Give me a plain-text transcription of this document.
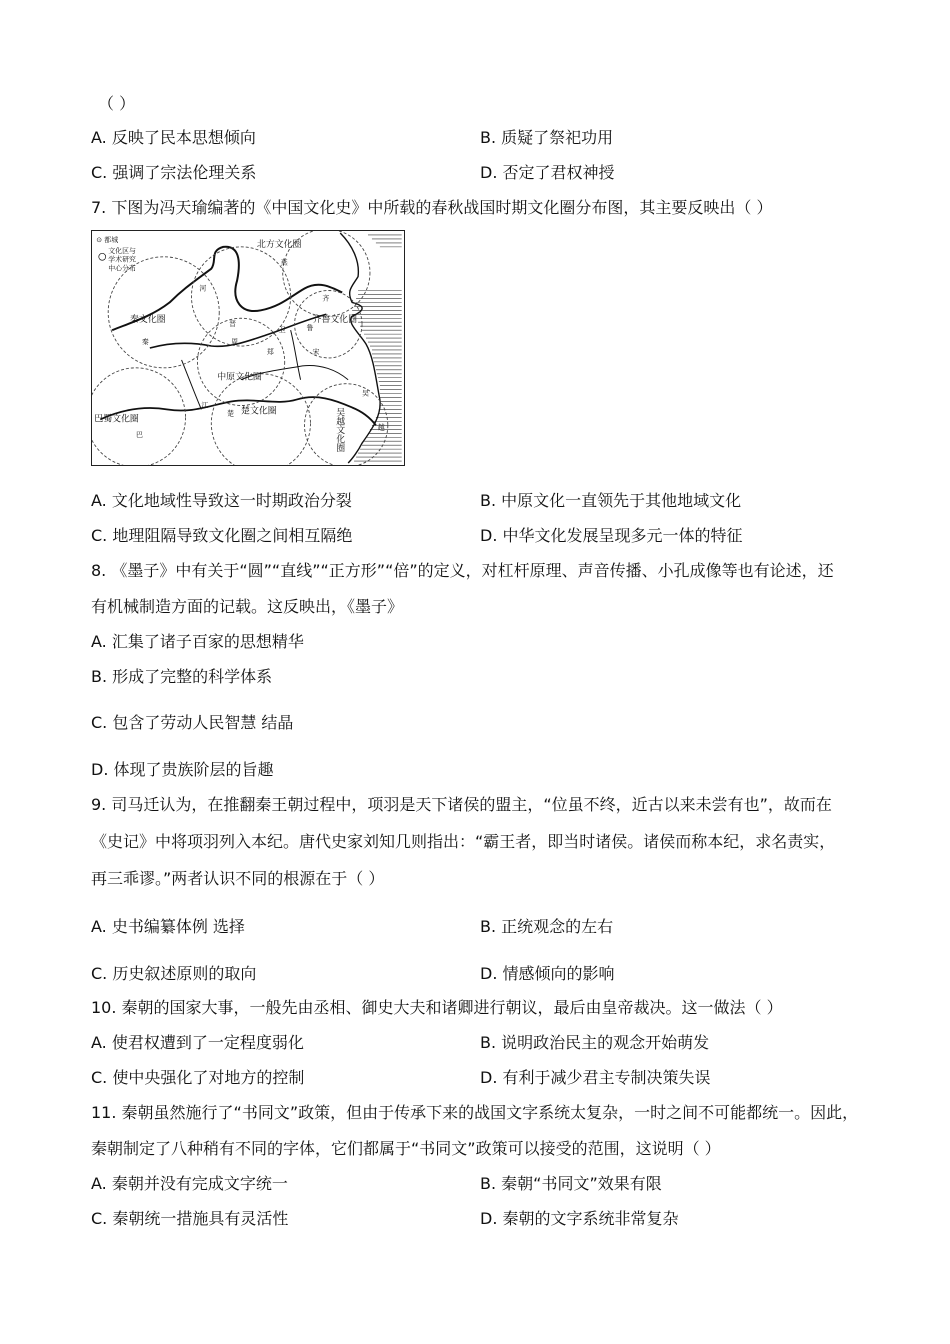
（ ）
A. 反映了民本思想倾向	B. 质疑了祭祀功用
C. 强调了宗法伦理关系	D. 否定了君权神授
7. 下图为冯天瑜编著的《中国文化史》中所载的春秋战国时期文化圈分布图，其主要反映出（ ）
⊙ 都城
文化区与
学术研究
中心分布
北方文化圈
秦文化圈	齐鲁文化圈
中原文化圈
楚文化圈
巴蜀文化圈	吴越文化圈
燕
秦
晋
周
卫	鲁
齐
郑	宋
楚
巴
吴
越
河
江
A. 文化地域性导致这一时期政治分裂	B. 中原文化一直领先于其他地域文化
C. 地理阻隔导致文化圈之间相互隔绝	D. 中华文化发展呈现多元一体的特征
8. 《墨子》中有关于“圆”“直线”“正方形”“倍”的定义，对杠杆原理、声音传播、小孔成像等也有论述，还
有机械制造方面的记载。这反映出，《墨子》
A. 汇集了诸子百家的思想精华
B. 形成了完整的科学体系
C. 包含了劳动人民智慧 结晶
D. 体现了贵族阶层的旨趣
9. 司马迁认为，在推翻秦王朝过程中，项羽是天下诸侯的盟主，“位虽不终，近古以来未尝有也”，故而在
《史记》中将项羽列入本纪。唐代史家刘知几则指出：“霸王者，即当时诸侯。诸侯而称本纪，求名责实，
再三乖谬。”两者认识不同的根源在于（ ）
A. 史书编纂体例 选择	B. 正统观念的左右
C. 历史叙述原则的取向	D. 情感倾向的影响
10. 秦朝的国家大事，一般先由丞相、御史大夫和诸卿进行朝议，最后由皇帝裁决。这一做法（ ）
A. 使君权遭到了一定程度弱化	B. 说明政治民主的观念开始萌发
C. 使中央强化了对地方的控制	D. 有利于减少君主专制决策失误
11. 秦朝虽然施行了“书同文”政策，但由于传承下来的战国文字系统太复杂，一时之间不可能都统一。因此，
秦朝制定了八种稍有不同的字体，它们都属于“书同文”政策可以接受的范围，这说明（ ）
A. 秦朝并没有完成文字统一	B. 秦朝“书同文”效果有限
C. 秦朝统一措施具有灵活性	D. 秦朝的文字系统非常复杂
